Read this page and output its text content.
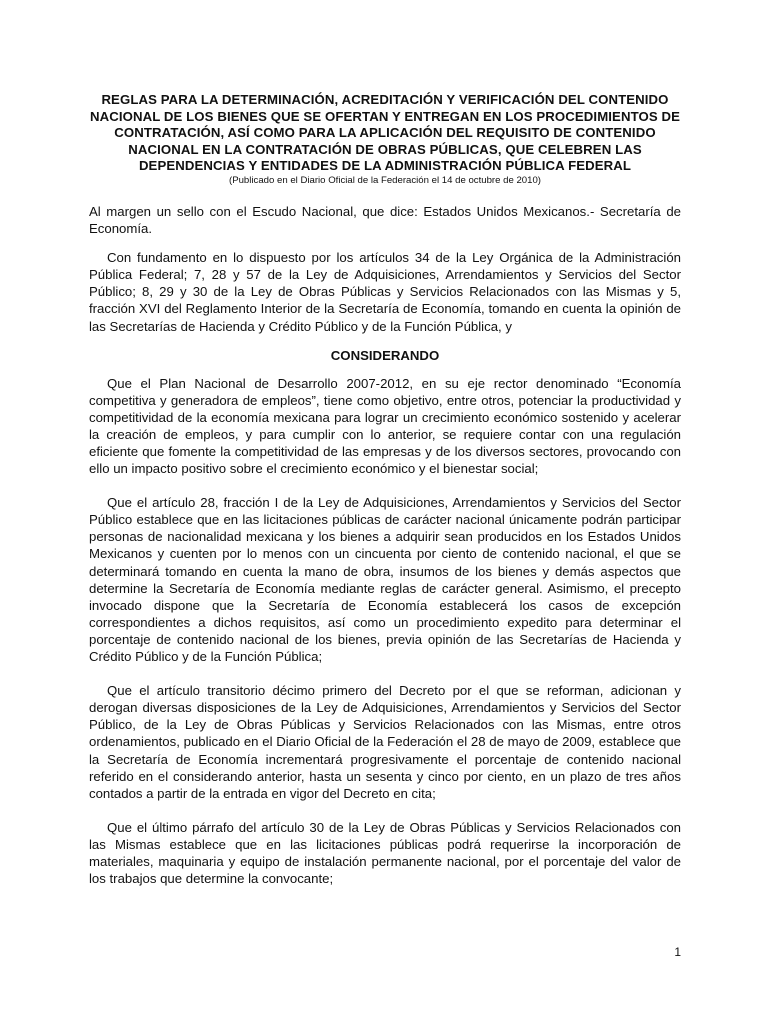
REGLAS PARA LA DETERMINACIÓN, ACREDITACIÓN Y VERIFICACIÓN DEL CONTENIDO NACIONAL DE LOS BIENES QUE SE OFERTAN Y ENTREGAN EN LOS PROCEDIMIENTOS DE CONTRATACIÓN, ASÍ COMO PARA LA APLICACIÓN DEL REQUISITO DE CONTENIDO NACIONAL EN LA CONTRATACIÓN DE OBRAS PÚBLICAS, QUE CELEBREN LAS DEPENDENCIAS Y ENTIDADES DE LA ADMINISTRACIÓN PÚBLICA FEDERAL

(Publicado en el Diario Oficial de la Federación el 14 de octubre de 2010)

Al margen un sello con el Escudo Nacional, que dice: Estados Unidos Mexicanos.- Secretaría de Economía.

Con fundamento en lo dispuesto por los artículos 34 de la Ley Orgánica de la Administración Pública Federal; 7, 28 y 57 de la Ley de Adquisiciones, Arrendamientos y Servicios del Sector Público; 8, 29 y 30 de la Ley de Obras Públicas y Servicios Relacionados con las Mismas y 5, fracción XVI del Reglamento Interior de la Secretaría de Economía, tomando en cuenta la opinión de las Secretarías de Hacienda y Crédito Público y de la Función Pública, y

CONSIDERANDO

Que el Plan Nacional de Desarrollo 2007-2012, en su eje rector denominado “Economía competitiva y generadora de empleos”, tiene como objetivo, entre otros, potenciar la productividad y competitividad de la economía mexicana para lograr un crecimiento económico sostenido y acelerar la creación de empleos, y para cumplir con lo anterior, se requiere contar con una regulación eficiente que fomente la competitividad de las empresas y de los diversos sectores, provocando con ello un impacto positivo sobre el crecimiento económico y el bienestar social;

Que el artículo 28, fracción I de la Ley de Adquisiciones, Arrendamientos y Servicios del Sector Público establece que en las licitaciones públicas de carácter nacional únicamente podrán participar personas de nacionalidad mexicana y los bienes a adquirir sean producidos en los Estados Unidos Mexicanos y cuenten por lo menos con un cincuenta por ciento de contenido nacional, el que se determinará tomando en cuenta la mano de obra, insumos de los bienes y demás aspectos que determine la Secretaría de Economía mediante reglas de carácter general. Asimismo, el precepto invocado dispone que la Secretaría de Economía establecerá los casos de excepción correspondientes a dichos requisitos, así como un procedimiento expedito para determinar el porcentaje de contenido nacional de los bienes, previa opinión de las Secretarías de Hacienda y Crédito Público y de la Función Pública;

Que el artículo transitorio décimo primero del Decreto por el que se reforman, adicionan y derogan diversas disposiciones de la Ley de Adquisiciones, Arrendamientos y Servicios del Sector Público, de la Ley de Obras Públicas y Servicios Relacionados con las Mismas, entre otros ordenamientos, publicado en el Diario Oficial de la Federación el 28 de mayo de 2009, establece que la Secretaría de Economía incrementará progresivamente el porcentaje de contenido nacional referido en el considerando anterior, hasta un sesenta y cinco por ciento, en un plazo de tres años contados a partir de la entrada en vigor del Decreto en cita;

Que el último párrafo del artículo 30 de la Ley de Obras Públicas y Servicios Relacionados con las Mismas establece que en las licitaciones públicas podrá requerirse la incorporación de materiales, maquinaria y equipo de instalación permanente nacional, por el porcentaje del valor de los trabajos que determine la convocante;

1
